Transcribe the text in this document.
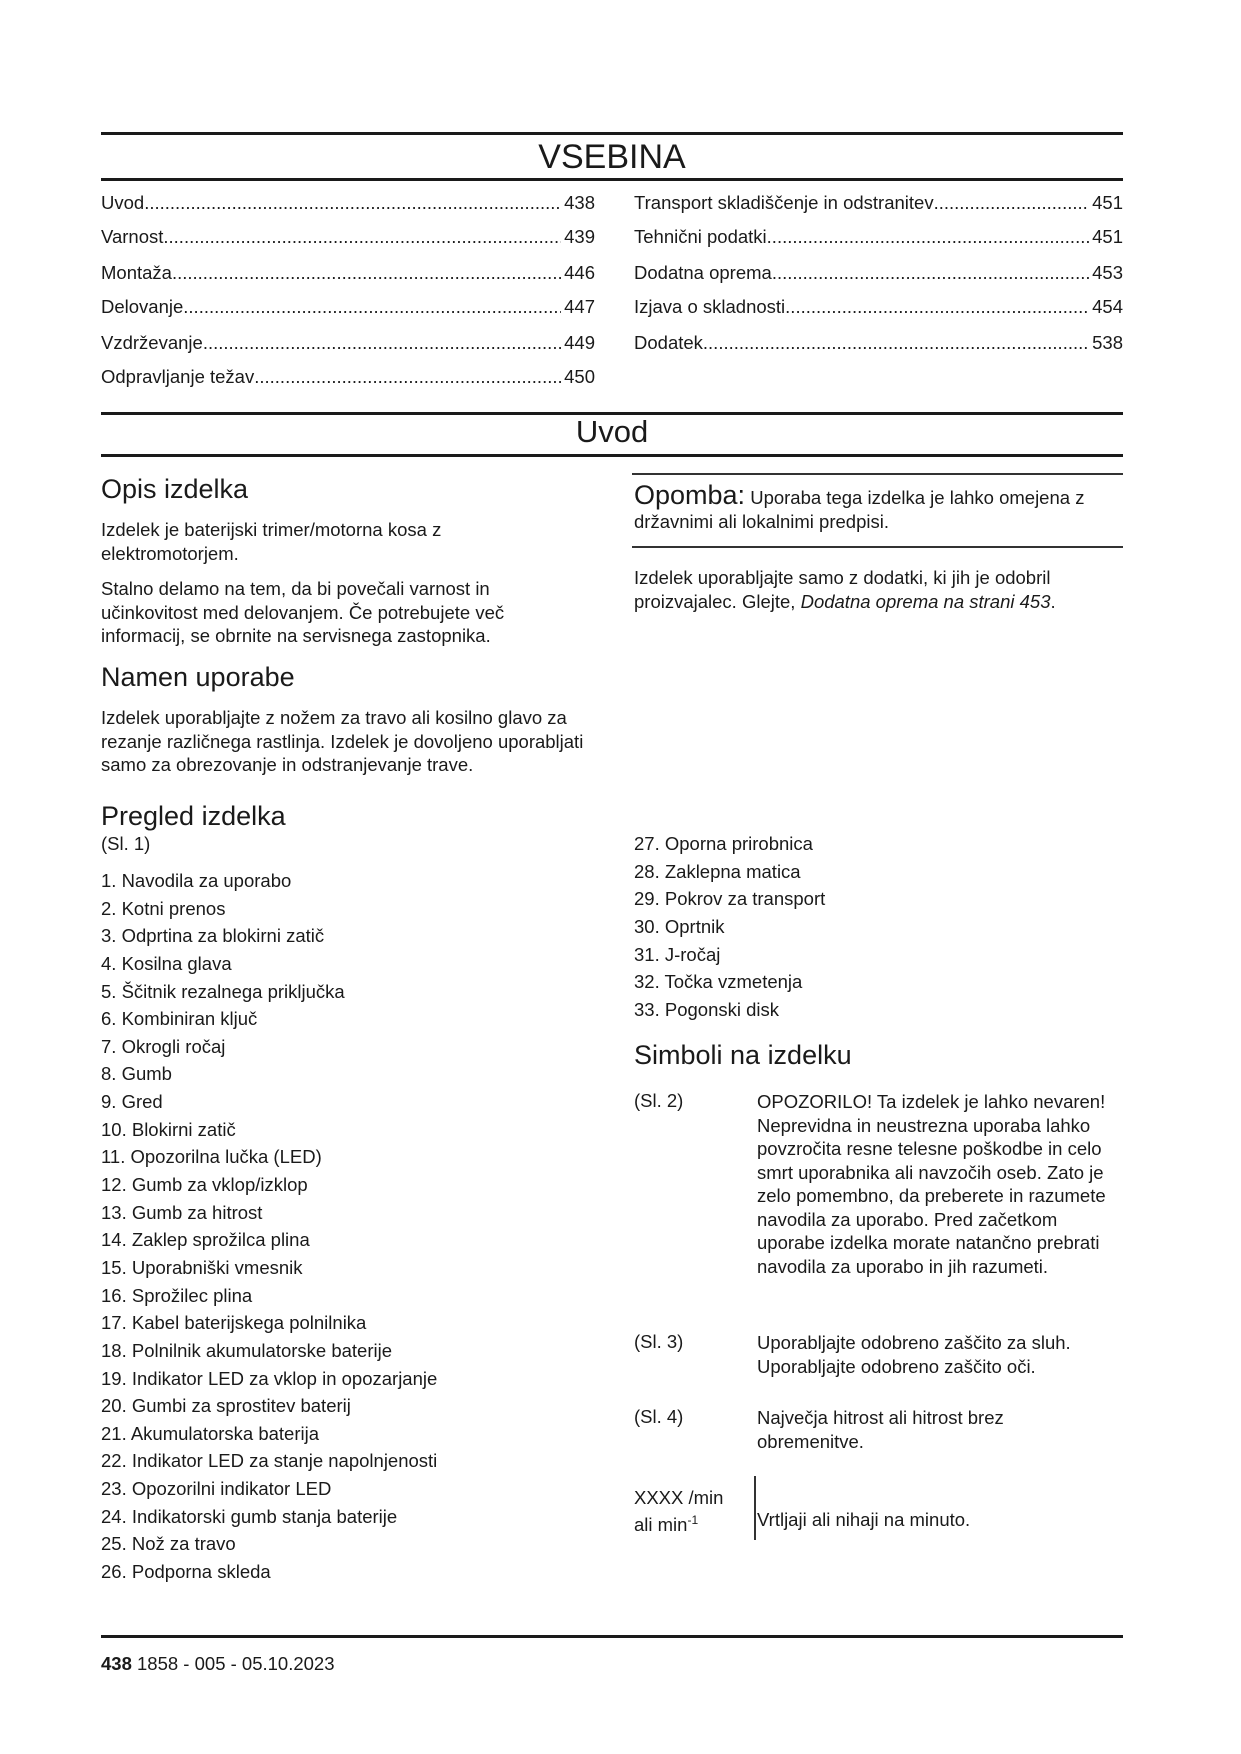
VSEBINA
Uvod .....	438
Varnost .....	439
Montaža .....	446
Delovanje .....	447
Vzdrževanje .....	449
Odpravljanje težav .....	450
Transport skladiščenje in odstranitev .....	451
Tehnični podatki .....	451
Dodatna oprema .....	453
Izjava o skladnosti .....	454
Dodatek .....	538
Uvod
Opis izdelka

Izdelek je baterijski trimer/motorna kosa z elektromotorjem.

Stalno delamo na tem, da bi povečali varnost in učinkovitost med delovanjem. Če potrebujete več informacij, se obrnite na servisnega zastopnika.

Namen uporabe

Izdelek uporabljajte z nožem za travo ali kosilno glavo za rezanje različnega rastlinja. Izdelek je dovoljeno uporabljati samo za obrezovanje in odstranjevanje trave.

Opomba: Uporaba tega izdelka je lahko omejena z državnimi ali lokalnimi predpisi.

Izdelek uporabljajte samo z dodatki, ki jih je odobril proizvajalec. Glejte, Dodatna oprema na strani 453.

Pregled izdelka
(Sl. 1)
1. Navodila za uporabo
2. Kotni prenos
3. Odprtina za blokirni zatič
4. Kosilna glava
5. Ščitnik rezalnega priključka
6. Kombiniran ključ
7. Okrogli ročaj
8. Gumb
9. Gred
10. Blokirni zatič
11. Opozorilna lučka (LED)
12. Gumb za vklop/izklop
13. Gumb za hitrost
14. Zaklep sprožilca plina
15. Uporabniški vmesnik
16. Sprožilec plina
17. Kabel baterijskega polnilnika
18. Polnilnik akumulatorske baterije
19. Indikator LED za vklop in opozarjanje
20. Gumbi za sprostitev baterij
21. Akumulatorska baterija
22. Indikator LED za stanje napolnjenosti
23. Opozorilni indikator LED
24. Indikatorski gumb stanja baterije
25. Nož za travo
26. Podporna skleda
27. Oporna prirobnica
28. Zaklepna matica
29. Pokrov za transport
30. Oprtnik
31. J-ročaj
32. Točka vzmetenja
33. Pogonski disk
Simboli na izdelku
(Sl. 2)	OPOZORILO! Ta izdelek je lahko nevaren! Neprevidna in neustrezna uporaba lahko povzročita resne telesne poškodbe in celo smrt uporabnika ali navzočih oseb. Zato je zelo pomembno, da preberete in razumete navodila za uporabo. Pred začetkom uporabe izdelka morate natančno prebrati navodila za uporabo in jih razumeti.
(Sl. 3)	Uporabljajte odobreno zaščito za sluh. Uporabljajte odobreno zaščito oči.
(Sl. 4)	Največja hitrost ali hitrost brez obremenitve.
XXXX /min
ali $\min^{-1}$	Vrtljaji ali nihaji na minuto.
438 1858 - 005 - 05.10.2023
